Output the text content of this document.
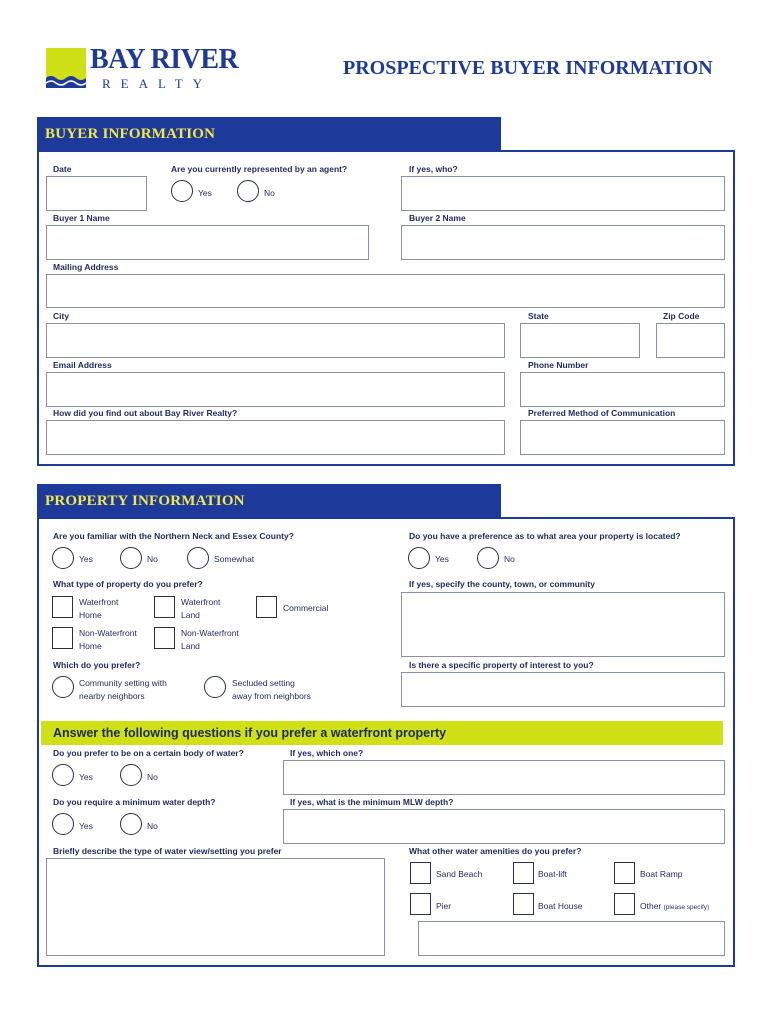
BAY RIVER
REALTY
PROSPECTIVE BUYER INFORMATION
BUYER INFORMATION
Date	Are you currently represented by an agent?
Yes	No
If yes, who?
Buyer 1 Name	Buyer 2 Name
Mailing Address
City	State	Zip Code
Email Address	Phone Number
How did you find out about Bay River Realty?	Preferred Method of Communication
PROPERTY INFORMATION
Are you familiar with the Northern Neck and Essex County?
Yes	No	Somewhat
Do you have a preference as to what area your property is located?
Yes	No
What type of property do you prefer?
Waterfront
Home
Waterfront
Land
Commercial
Non-Waterfront
Home
Non-Waterfront
Land
If yes, specify the county, town, or community
Which do you prefer?
Community setting with
nearby neighbors
Secluded setting
away from neighbors
Is there a specific property of interest to you?
Answer the following questions if you prefer a waterfront property
Do you prefer to be on a certain body of water?
Yes	No
If yes, which one?
Do you require a minimum water depth?
Yes	No
If yes, what is the minimum MLW depth?
Briefly describe the type of water view/setting you prefer	What other water amenities do you prefer?
Sand Beach	Boat-lift	Boat Ramp
Pier	Boat House	Other (please specify)
